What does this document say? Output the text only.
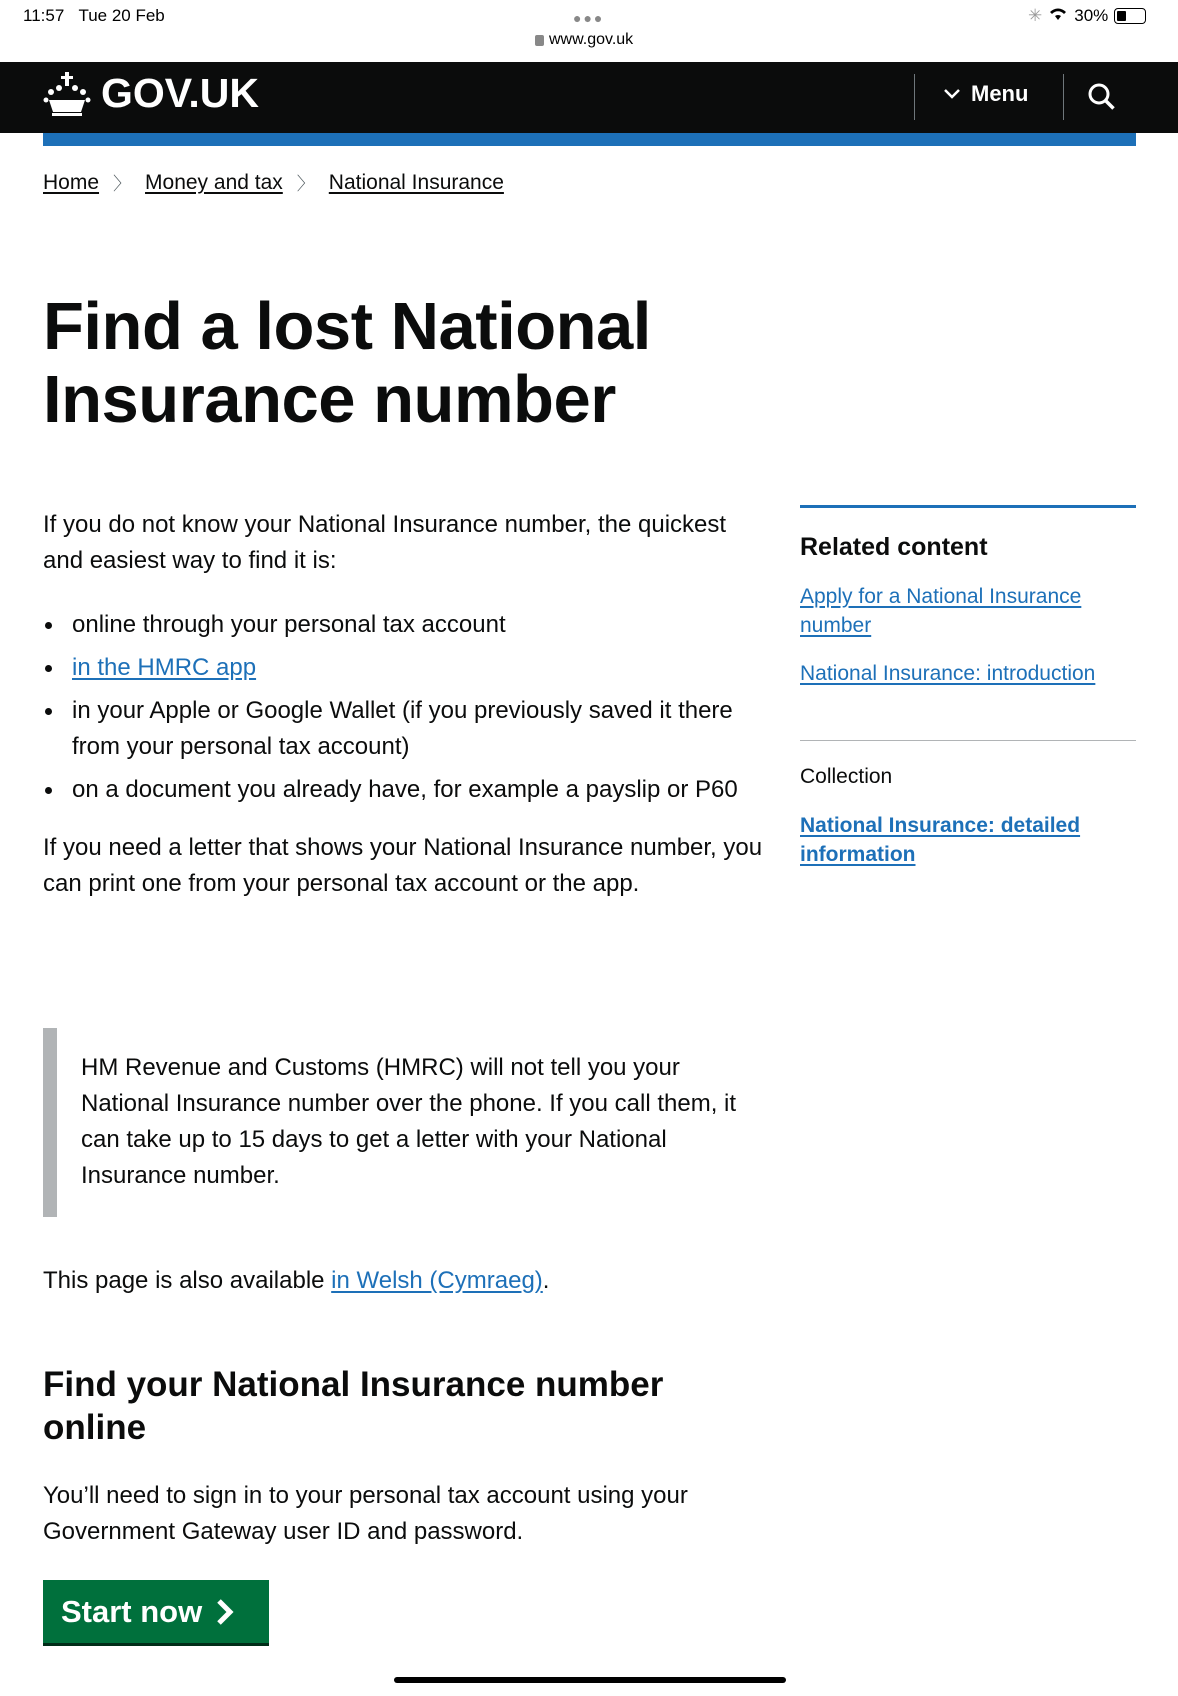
11:57 Tue 20 Feb	●●●
www.gov.uk
✳ 30%
GOV.UK	Menu
Home 〉 Money and tax 〉 National Insurance
Find a lost National Insurance number

If you do not know your National Insurance number, the quickest and easiest way to find it is:

online through your personal tax account
in the HMRC app
in your Apple or Google Wallet (if you previously saved it there from your personal tax account)
on a document you already have, for example a payslip or P60

If you need a letter that shows your National Insurance number, you can print one from your personal tax account or the app.

HM Revenue and Customs (HMRC) will not tell you your National Insurance number over the phone. If you call them, it can take up to 15 days to get a letter with your National Insurance number.

This page is also available in Welsh (Cymraeg).

Find your National Insurance number online

You’ll need to sign in to your personal tax account using your Government Gateway user ID and password.

Start now
Related content
Apply for a National Insurance number
National Insurance: introduction
Collection
National Insurance: detailed information
